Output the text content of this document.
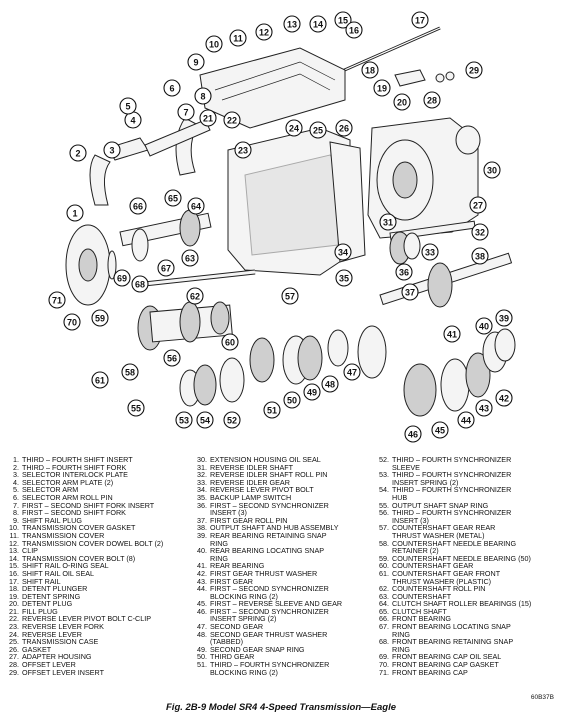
1
2	3
4
5
6
7
8
9
10
11
12
13 14 15
16
17
18
19
20
21 22
23
24 25 26
27
28
29
30
31
32
33
34
35
36
37
38
39
40
41
42
43
44
45
46
47
48
49
50
51
52
53 54
55
56
57
58
59
60
61
62
63
64
65
66
67
68
69
70
71
1. THIRD – FOURTH SHIFT INSERT
2. THIRD – FOURTH SHIFT FORK
3. SELECTOR INTERLOCK PLATE
4. SELECTOR ARM PLATE (2)
5. SELECTOR ARM
6. SELECTOR ARM ROLL PIN
7. FIRST – SECOND SHIFT FORK INSERT
8. FIRST – SECOND SHIFT FORK
9. SHIFT RAIL PLUG
10. TRANSMISSION COVER GASKET
11. TRANSMISSION COVER
12. TRANSMISSION COVER DOWEL BOLT (2)
13. CLIP
14. TRANSMISSION COVER BOLT (8)
15. SHIFT RAIL O-RING SEAL
16. SHIFT RAIL OIL SEAL
17. SHIFT RAIL
18. DETENT PLUNGER
19. DETENT SPRING
20. DETENT PLUG
21. FILL PLUG
22. REVERSE LEVER PIVOT BOLT C-CLIP
23. REVERSE LEVER FORK
24. REVERSE LEVER
25. TRANSMISSION CASE
26. GASKET
27. ADAPTER HOUSING
28. OFFSET LEVER
29. OFFSET LEVER INSERT
30. EXTENSION HOUSING OIL SEAL
31. REVERSE IDLER SHAFT
32. REVERSE IDLER SHAFT ROLL PIN
33. REVERSE IDLER GEAR
34. REVERSE LEVER PIVOT BOLT
35. BACKUP LAMP SWITCH
36. FIRST – SECOND SYNCHRONIZER
INSERT (3)
37. FIRST GEAR ROLL PIN
38. OUTPUT SHAFT AND HUB ASSEMBLY
39. REAR BEARING RETAINING SNAP
RING
40. REAR BEARING LOCATING SNAP
RING
41. REAR BEARING
42. FIRST GEAR THRUST WASHER
43. FIRST GEAR
44. FIRST – SECOND SYNCHRONIZER
BLOCKING RING (2)
45. FIRST – REVERSE SLEEVE AND GEAR
46. FIRST – SECOND SYNCHRONIZER
INSERT SPRING (2)
47. SECOND GEAR
48. SECOND GEAR THRUST WASHER
(TABBED)
49. SECOND GEAR SNAP RING
50. THIRD GEAR
51. THIRD – FOURTH SYNCHRONIZER
BLOCKING RING (2)
52. THIRD – FOURTH SYNCHRONIZER
SLEEVE
53. THIRD – FOURTH SYNCHRONIZER
INSERT SPRING (2)
54. THIRD – FOURTH SYNCHRONIZER
HUB
55. OUTPUT SHAFT SNAP RING
56. THIRD – FOURTH SYNCHRONIZER
INSERT (3)
57. COUNTERSHAFT GEAR REAR
THRUST WASHER (METAL)
58. COUNTERSHAFT NEEDLE BEARING
RETAINER (2)
59. COUNTERSHAFT NEEDLE BEARING (50)
60. COUNTERSHAFT GEAR
61. COUNTERSHAFT GEAR FRONT
THRUST WASHER (PLASTIC)
62. COUNTERSHAFT ROLL PIN
63. COUNTERSHAFT
64. CLUTCH SHAFT ROLLER BEARINGS (15)
65. CLUTCH SHAFT
66. FRONT BEARING
67. FRONT BEARING LOCATING SNAP
RING
68. FRONT BEARING RETAINING SNAP
RING
69. FRONT BEARING CAP OIL SEAL
70. FRONT BEARING CAP GASKET
71. FRONT BEARING CAP
60B37B
Fig. 2B-9 Model SR4 4-Speed Transmission—Eagle
